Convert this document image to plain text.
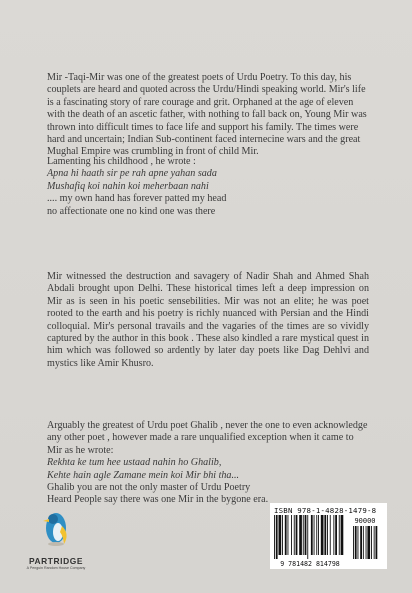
Mir -Taqi-Mir was one of the greatest poets of Urdu Poetry. To this day, his

couplets are heard and quoted across the Urdu/Hindi speaking world. Mir's life

is a fascinating story of rare courage and grit. Orphaned at the age of eleven

with the death of an ascetic father, with nothing to fall back on, Young Mir was

thrown into difficult times to face life and support his family. The times were

hard and uncertain; Indian Sub-continent faced internecine wars and the great

Mughal Empire was crumbling in front of child Mir.

Lamenting his childhood , he wrote :

Apna hi haath sir pe rah apne yahan sada

Mushafiq koi nahin koi meherbaan nahi

.... my own hand has forever patted my head

no affectionate one no kind one was there

Mir witnessed the destruction and savagery of Nadir Shah and Ahmed Shah Abdali brought upon Delhi. These historical times left a deep impression on Mir as is seen in his poetic sensebilities. Mir was not an elite; he was poet rooted to the earth and his poetry is richly nuanced with Persian and the Hindi colloquial. Mir's personal travails and the vagaries of the times are so vividly captured by the author in this book . These also kindled a rare mystical quest in him which was followed so ardently by later day poets like Dag Dehlvi and mystics like Amir Khusro.

Arguably the greatest of Urdu poet Ghalib , never the one to even acknowledge

any other poet , however made a rare unqualified exception when it came to

Mir as he wrote:

Rekhta ke tum hee ustaad nahin ho Ghalib,

Kehte hain agle Zamane mein koi Mir bhi tha...

Ghalib you are not the only master of Urdu Poetry

Heard People say there was one Mir in the bygone era.

PARTRIDGE
A Penguin Random House Company
ISBN 978-1-4828-1479-8
90000
9 781482 814798
